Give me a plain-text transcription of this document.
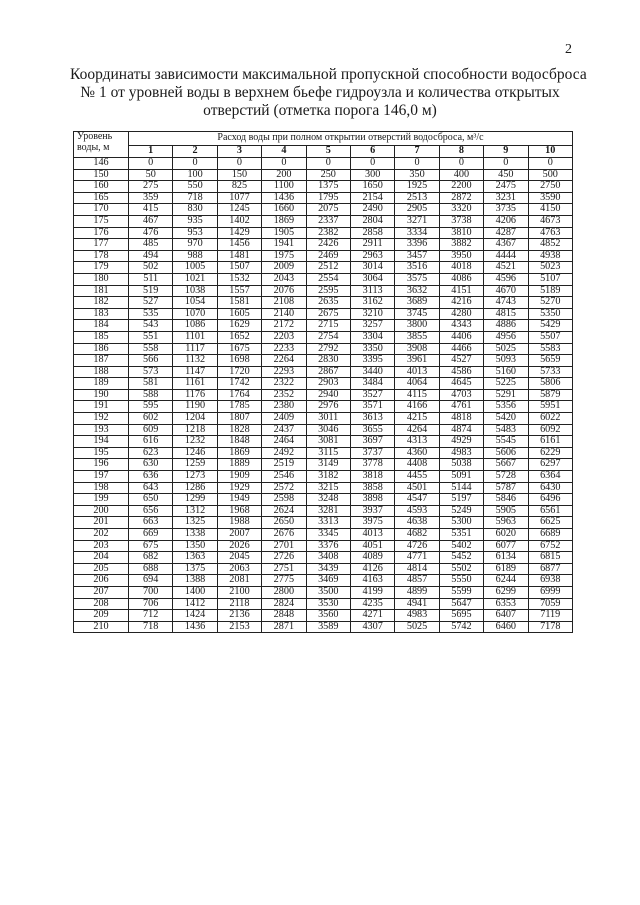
2
Координаты зависимости максимальной пропускной способности водосброса
№ 1 от уровней воды в верхнем бьефе гидроузла и количества открытых
отверстий (отметка порога 146,0 м)
Уровень
воды, м	Расход воды при полном открытии отверстий водосброса, м³/с									
	1	2	3	4	5	6	7	8	9	10
146	0	0	0	0	0	0	0	0	0	0
150	50	100	150	200	250	300	350	400	450	500
160	275	550	825	1100	1375	1650	1925	2200	2475	2750
165	359	718	1077	1436	1795	2154	2513	2872	3231	3590
170	415	830	1245	1660	2075	2490	2905	3320	3735	4150
175	467	935	1402	1869	2337	2804	3271	3738	4206	4673
176	476	953	1429	1905	2382	2858	3334	3810	4287	4763
177	485	970	1456	1941	2426	2911	3396	3882	4367	4852
178	494	988	1481	1975	2469	2963	3457	3950	4444	4938
179	502	1005	1507	2009	2512	3014	3516	4018	4521	5023
180	511	1021	1532	2043	2554	3064	3575	4086	4596	5107
181	519	1038	1557	2076	2595	3113	3632	4151	4670	5189
182	527	1054	1581	2108	2635	3162	3689	4216	4743	5270
183	535	1070	1605	2140	2675	3210	3745	4280	4815	5350
184	543	1086	1629	2172	2715	3257	3800	4343	4886	5429
185	551	1101	1652	2203	2754	3304	3855	4406	4956	5507
186	558	1117	1675	2233	2792	3350	3908	4466	5025	5583
187	566	1132	1698	2264	2830	3395	3961	4527	5093	5659
188	573	1147	1720	2293	2867	3440	4013	4586	5160	5733
189	581	1161	1742	2322	2903	3484	4064	4645	5225	5806
190	588	1176	1764	2352	2940	3527	4115	4703	5291	5879
191	595	1190	1785	2380	2976	3571	4166	4761	5356	5951
192	602	1204	1807	2409	3011	3613	4215	4818	5420	6022
193	609	1218	1828	2437	3046	3655	4264	4874	5483	6092
194	616	1232	1848	2464	3081	3697	4313	4929	5545	6161
195	623	1246	1869	2492	3115	3737	4360	4983	5606	6229
196	630	1259	1889	2519	3149	3778	4408	5038	5667	6297
197	636	1273	1909	2546	3182	3818	4455	5091	5728	6364
198	643	1286	1929	2572	3215	3858	4501	5144	5787	6430
199	650	1299	1949	2598	3248	3898	4547	5197	5846	6496
200	656	1312	1968	2624	3281	3937	4593	5249	5905	6561
201	663	1325	1988	2650	3313	3975	4638	5300	5963	6625
202	669	1338	2007	2676	3345	4013	4682	5351	6020	6689
203	675	1350	2026	2701	3376	4051	4726	5402	6077	6752
204	682	1363	2045	2726	3408	4089	4771	5452	6134	6815
205	688	1375	2063	2751	3439	4126	4814	5502	6189	6877
206	694	1388	2081	2775	3469	4163	4857	5550	6244	6938
207	700	1400	2100	2800	3500	4199	4899	5599	6299	6999
208	706	1412	2118	2824	3530	4235	4941	5647	6353	7059
209	712	1424	2136	2848	3560	4271	4983	5695	6407	7119
210	718	1436	2153	2871	3589	4307	5025	5742	6460	7178
